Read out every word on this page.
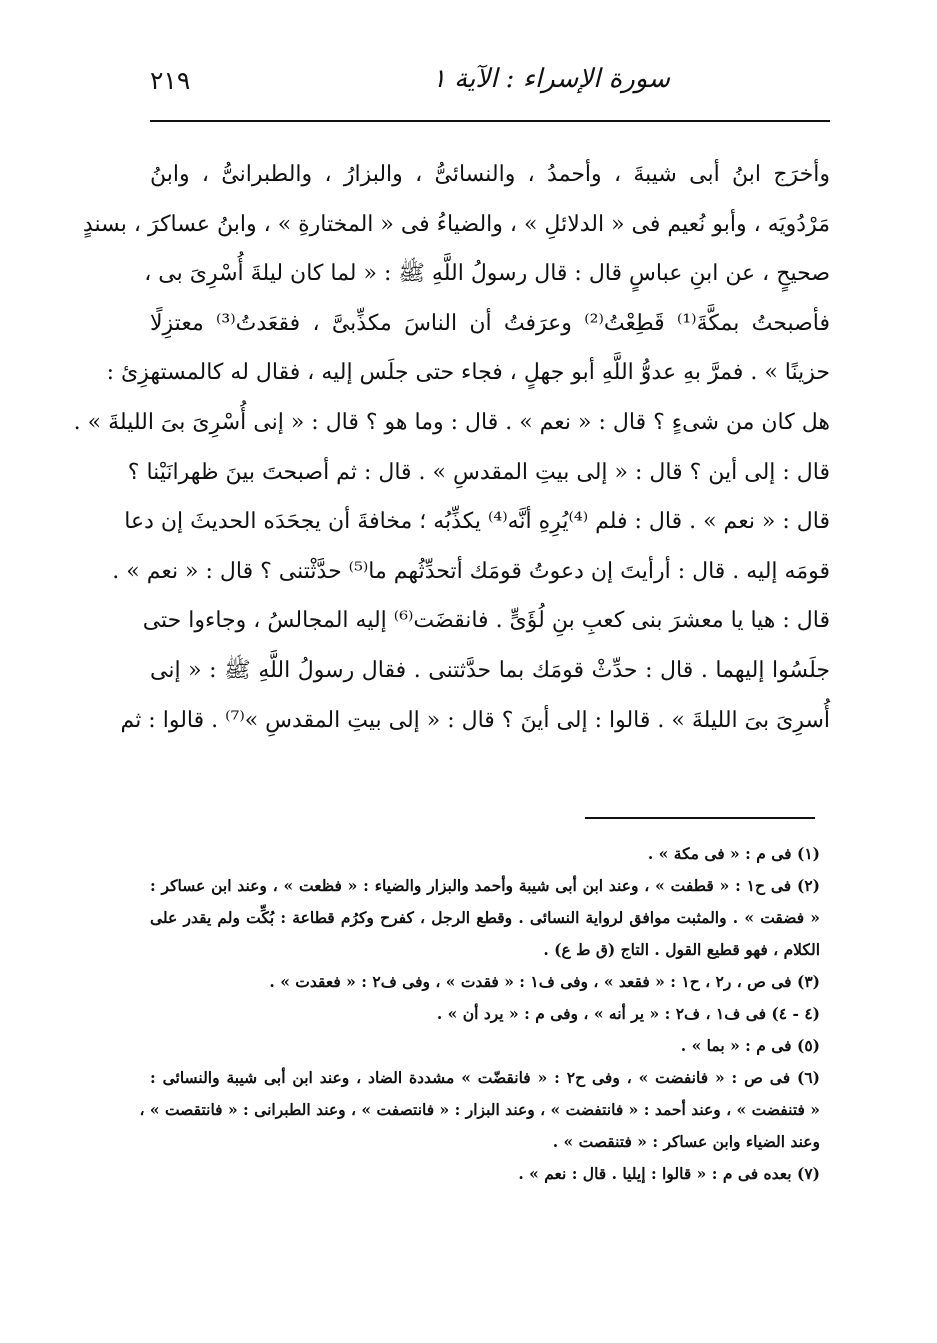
٢١٩	سورة الإسراء : الآية ١
وأخرَج ابنُ أبى شيبةَ ، وأحمدُ ، والنسائىُّ ، والبزارُ ، والطبرانىُّ ، وابنُ
مَرْدُويَه ، وأبو نُعيم فى « الدلائلِ » ، والضياءُ فى « المختارةِ » ، وابنُ عساكرَ ، بسندٍ
صحيحٍ ، عن ابنِ عباسٍ قال : قال رسولُ اللَّهِ ﷺ : « لما كان ليلةَ أُسْرِىَ بى ،
فأصبحتُ بمكَّةَ⁽¹⁾ قَطِعْتُ⁽²⁾ وعرَفتُ أن الناسَ مكذِّبىَّ ، فقعَدتُ⁽³⁾ معتزِلًا
حزينًا » . فمرَّ بهِ عدوُّ اللَّهِ أبو جهلٍ ، فجاء حتى جلَس إليه ، فقال له كالمستهزِئ :
هل كان من شىءٍ ؟ قال : « نعم » . قال : وما هو ؟ قال : « إنى أُسْرِىَ بىَ الليلةَ » .
قال : إلى أين ؟ قال : « إلى بيتِ المقدسِ » . قال : ثم أصبحتَ بينَ ظهرانَيْنا ؟
قال : « نعم » . قال : فلم ⁽⁴⁾يُرِهِ أنَّه⁽⁴⁾ يكذِّبُه ؛ مخافةَ أن يجحَدَه الحديثَ إن دعا
قومَه إليه . قال : أرأيتَ إن دعوتُ قومَك أتحدِّثُهم ما⁽⁵⁾ حدَّثْتنى ؟ قال : « نعم » .
قال : هيا يا معشرَ بنى كعبِ بنِ لُؤَىٍّ . فانقضَت⁽⁶⁾ إليه المجالسُ ، وجاءوا حتى
جلَسُوا إليهما . قال : حدِّثْ قومَك بما حدَّثتنى . فقال رسولُ اللَّهِ ﷺ : « إنى
أُسرِىَ بىَ الليلةَ » . قالوا : إلى أينَ ؟ قال : « إلى بيتِ المقدسِ »⁽⁷⁾ . قالوا : ثم
(١) فى م : « فى مكة » .
(٢) فى ح١ : « قطفت » ، وعند ابن أبى شيبة وأحمد والبزار والضياء : « فظعت » ، وعند ابن عساكر :
« فضقت » . والمثبت موافق لرواية النسائى . وقطع الرجل ، كفرح وكرُم قطاعة : بُكِّت ولم يقدر على
الكلام ، فهو قطيع القول . التاج (ق ط ع) .
(٣) فى ص ، ر٢ ، ح١ : « فقعد » ، وفى ف١ : « فقدت » ، وفى ف٢ : « فعقدت » .
(٤ - ٤) فى ف١ ، ف٢ : « ير أنه » ، وفى م : « يرد أن » .
(٥) فى م : « بما » .
(٦) فى ص : « فانفضت » ، وفى ح٢ : « فانقضّت » مشددة الضاد ، وعند ابن أبى شيبة والنسائى :
« فتنفضت » ، وعند أحمد : « فانتفضت » ، وعند البزار : « فانتصفت » ، وعند الطبرانى : « فانتقصت » ،
وعند الضياء وابن عساكر : « فتنقصت » .
(٧) بعده فى م : « قالوا : إيليا . قال : نعم » .
